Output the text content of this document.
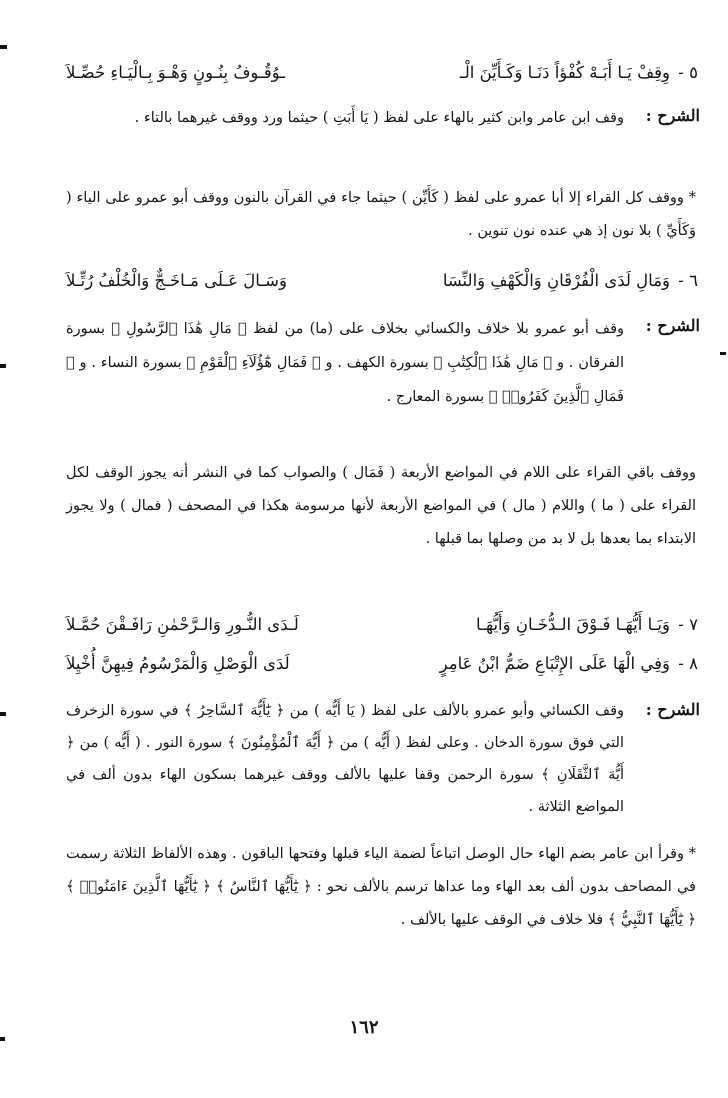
٥ -
وِقِفْ يَـا أَبَـهْ كُفْؤاً دَنَـا وَكَـأَيِّنَ الْـ
ـوُقُـوفُ بِنُـونٍ وَهْـوَ بِـالْيَـاءِ حُصِّـلاَ
الشرح :
وقف ابن عامر وابن كثير بالهاء على لفظ ( يَا أَبَتِ ) حيثما ورد ووقف غيرهما بالتاء .
* ووقف كل القراء إلا أبا عمرو على لفظ ( كَأَيِّن ) حيثما جاء في القرآن بالنون ووقف أبو عمرو على الياء ( وَكَأَيِّ ) بلا نون إذ هي عنده نون تنوين .
٦ -
وَمَالِ لَدَى الْفُرْقَانِ وَالْكَهْفِ وَالنِّسَا
وَسَـالَ عَـلَى مَـاخَـجٌّ وَالْخُلْفُ رُتِّـلاَ
الشرح :
وقف أبو عمرو بلا خلاف والكسائي بخلاف على (ما) من لفظ ﴿ مَالِ هَٰذَا ٱلرَّسُولِ ﴾ بسورة الفرقان . و ﴿ مَالِ هَٰذَا ٱلْكِتَٰبِ ﴾ بسورة الكهف . و ﴿ فَمَالِ هَٰٓؤُلَآءِ ٱلْقَوْمِ ﴾ بسورة النساء . و ﴿ فَمَالِ ٱلَّذِينَ كَفَرُوا۟ ﴾ بسورة المعارج .
ووقف باقي القراء على اللام في المواضع الأربعة ( فَمَال ) والصواب كما في النشر أنه يجوز الوقف لكل القراء على ( ما ) واللام ( مال ) في المواضع الأربعة لأنها مرسومة هكذا في المصحف ( فمال ) ولا يجوز الابتداء بما بعدها بل لا بد من وصلها بما قبلها .
٧ -
وَيَـا أَيُّهَـا فَـوْقَ الـدُّخَـانِ وَأَيُّهَـا
لَـدَى النُّـورِ وَالـرَّحْمٰنِ رَافَـقْنَ حُمَّـلاَ
٨ -
وَفِي الْهَا عَلَى الإِتْبَاعِ ضَمُّ ابْنُ عَامِرٍ
لَدَى الْوَصْلِ وَالْمَرْسُومُ فِيهِنَّ أُخْيِلاَ
الشرح :
وقف الكسائي وأبو عمرو بالألف على لفظ ( يَا أَيُّه ) من ﴿ يَٰٓأَيُّهَ ٱلسَّاحِرُ ﴾ في سورة الزخرف التي فوق سورة الدخان . وعلى لفظ ( أَيُّه ) من ﴿ أَيُّهَ ٱلْمُؤْمِنُونَ ﴾ سورة النور . ( أَيُّه ) من ﴿ أَيُّهَ ٱلثَّقَلَانِ ﴾ سورة الرحمن وقفا عليها بالألف ووقف غيرهما بسكون الهاء بدون ألف في المواضع الثلاثة .
* وقرأ ابن عامر بضم الهاء حال الوصل اتباعاً لضمة الياء قبلها وفتحها الباقون . وهذه الألفاظ الثلاثة رسمت في المصاحف بدون ألف بعد الهاء وما عداها ترسم بالألف نحو : ﴿ يَٰٓأَيُّهَا ٱلنَّاسُ ﴾ ﴿ يَٰٓأَيُّهَا ٱلَّذِينَ ءَامَنُوا۟ ﴾ ﴿ يَٰٓأَيُّهَا ٱلنَّبِيُّ ﴾ فلا خلاف في الوقف عليها بالألف .
١٦٢
